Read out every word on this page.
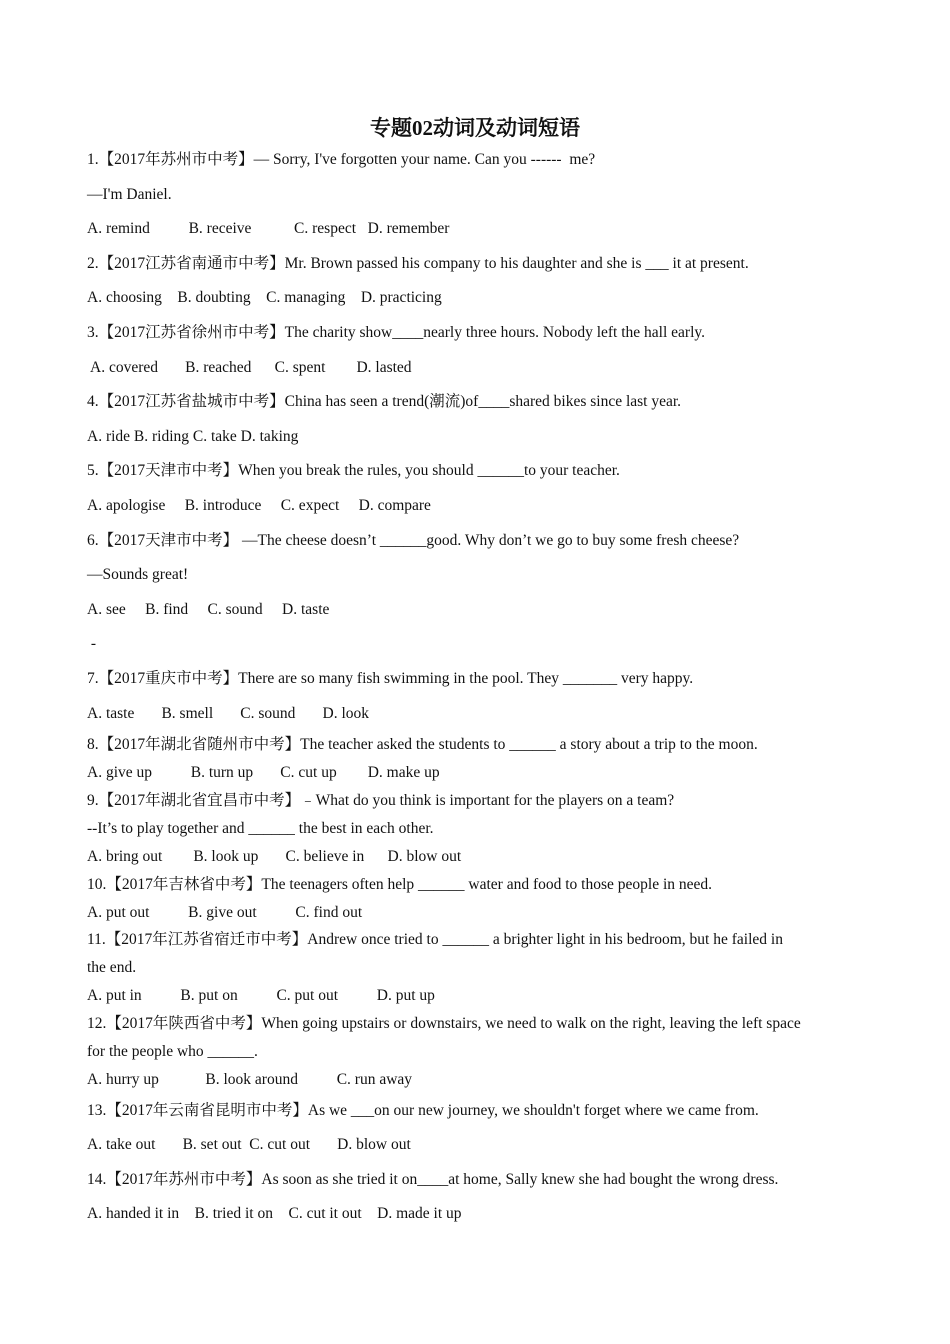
专题02动词及动词短语
1.【2017年苏州市中考】— Sorry, I've forgotten your name. Can you ------  me?
—I'm Daniel.
A. remind          B. receive           C. respect   D. remember
2.【2017江苏省南通市中考】Mr. Brown passed his company to his daughter and she is ___ it at present.
A. choosing    B. doubting    C. managing    D. practicing
3.【2017江苏省徐州市中考】The charity show____nearly three hours. Nobody left the hall early.
A. covered       B. reached      C. spent        D. lasted
4.【2017江苏省盐城市中考】China has seen a trend(潮流)of____shared bikes since last year.
A. ride B. riding C. take D. taking
5.【2017天津市中考】When you break the rules, you should ______to your teacher.
A. apologise     B. introduce     C. expect     D. compare
6.【2017天津市中考】 —The cheese doesn’t ______good. Why don’t we go to buy some fresh cheese?
—Sounds great!
A. see     B. find     C. sound     D. taste
-
7.【2017重庆市中考】There are so many fish swimming in the pool. They _______ very happy.
A. taste       B. smell       C. sound       D. look
8.【2017年湖北省随州市中考】The teacher asked the students to ______ a story about a trip to the moon.
A. give up          B. turn up       C. cut up        D. make up
9.【2017年湖北省宜昌市中考】﹣What do you think is important for the players on a team?
--It’s to play together and ______ the best in each other.
A. bring out        B. look up       C. believe in      D. blow out
10.【2017年吉林省中考】The teenagers often help ______ water and food to those people in need.
A. put out          B. give out          C. find out
11.【2017年江苏省宿迁市中考】Andrew once tried to ______ a brighter light in his bedroom, but he failed in
the end.
A. put in          B. put on          C. put out          D. put up
12.【2017年陕西省中考】When going upstairs or downstairs, we need to walk on the right, leaving the left space
for the people who ______.
A. hurry up            B. look around          C. run away
13.【2017年云南省昆明市中考】As we ___on our new journey, we shouldn't forget where we came from.
A. take out       B. set out  C. cut out       D. blow out
14.【2017年苏州市中考】As soon as she tried it on____at home, Sally knew she had bought the wrong dress.
A. handed it in    B. tried it on    C. cut it out    D. made it up
